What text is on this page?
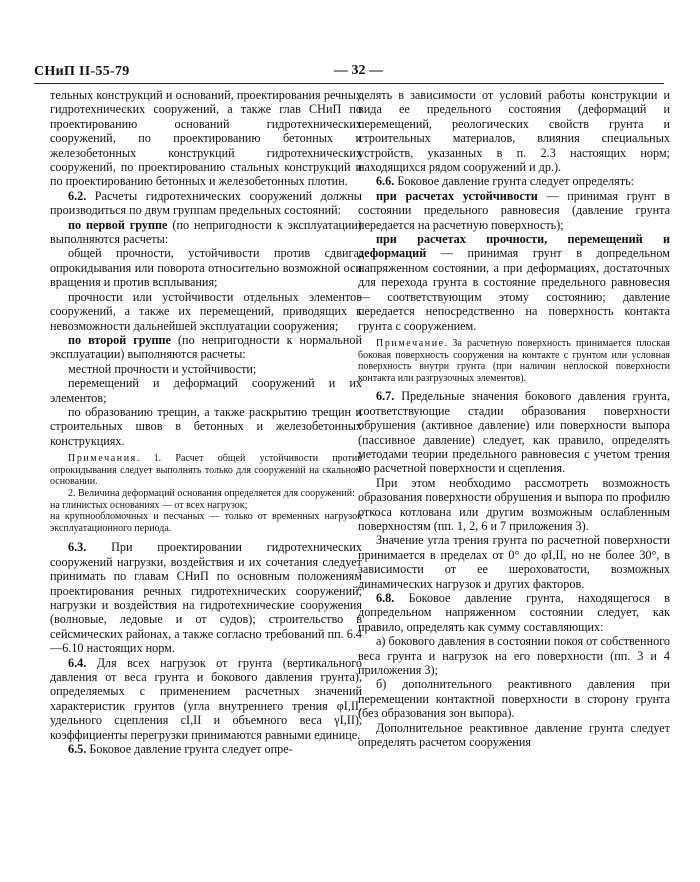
СНиП II-55-79	— 32 —

тельных конструкций и оснований, проектирования речных гидротехнических сооружений, а также глав СНиП по проектированию оснований гидротехнических сооружений, по проектированию бетонных и железобетонных конструкций гидротехнических сооружений, по проектированию стальных конструкций и по проектированию бетонных и железобетонных плотин.

6.2. Расчеты гидротехнических сооружений должны производиться по двум группам предельных состояний:

по первой группе (по непригодности к эксплуатации) выполняются расчеты:

общей прочности, устойчивости против сдвига, опрокидывания или поворота относительно возможной оси вращения и против всплывания;

прочности или устойчивости отдельных элементов сооружений, а также их перемещений, приводящих к невозможности дальнейшей эксплуатации сооружения;

по второй группе (по непригодности к нормальной эксплуатации) выполняются расчеты:

местной прочности и устойчивости;

перемещений и деформаций сооружений и их элементов;

по образованию трещин, а также раскрытию трещин и строительных швов в бетонных и железобетонных конструкциях.

Примечания. 1. Расчет общей устойчивости против опрокидывания следует выполнять только для сооружений на скальном основании.

2. Величина деформаций основания определяется для сооружений:

на глинистых основаниях — от всех нагрузок;

на крупнообломочных и песчаных — только от временных нагрузок эксплуатационного периода.

6.3. При проектировании гидротехнических сооружений нагрузки, воздействия и их сочетания следует принимать по главам СНиП по основным положениям проектирования речных гидротехнических сооружений; нагрузки и воздействия на гидротехнические сооружения (волновые, ледовые и от судов); строительство в сейсмических районах, а также согласно требований пп. 6.4—6.10 настоящих норм.

6.4. Для всех нагрузок от грунта (вертикального давления от веса грунта и бокового давления грунта), определяемых с применением расчетных значений характеристик грунтов (угла внутреннего трения φI,II, удельного сцепления cI,II и объемного веса γI,II), коэффициенты перегрузки принимаются равными единице.

6.5. Боковое давление грунта следует опре-

делять в зависимости от условий работы конструкции и вида ее предельного состояния (деформаций и перемещений, реологических свойств грунта и строительных материалов, влияния специальных устройств, указанных в п. 2.3 настоящих норм; находящихся рядом сооружений и др.).

6.6. Боковое давление грунта следует определять:

при расчетах устойчивости — принимая грунт в состоянии предельного равновесия (давление грунта передается на расчетную поверхность);

при расчетах прочности, перемещений и деформаций — принимая грунт в допредельном напряженном состоянии, а при деформациях, достаточных для перехода грунта в состояние предельного равновесия — соответствующим этому состоянию; давление передается непосредственно на поверхность контакта грунта с сооружением.

Примечание. За расчетную поверхность принимается плоская боковая поверхность сооружения на контакте с грунтом или условная поверхность внутри грунта (при наличии неплоской поверхности контакта или разгрузочных элементов).

6.7. Предельные значения бокового давления грунта, соответствующие стадии образования поверхности обрушения (активное давление) или поверхности выпора (пассивное давление) следует, как правило, определять методами теории предельного равновесия с учетом трения по расчетной поверхности и сцепления.

При этом необходимо рассмотреть возможность образования поверхности обрушения и выпора по профилю откоса котлована или другим возможным ослабленным поверхностям (пп. 1, 2, 6 и 7 приложения 3).

Значение угла трения грунта по расчетной поверхности принимается в пределах от 0° до φI,II, но не более 30°, в зависимости от ее шероховатости, возможных динамических нагрузок и других факторов.

6.8. Боковое давление грунта, находящегося в допредельном напряженном состоянии следует, как правило, определять как сумму составляющих:

а) бокового давления в состоянии покоя от собственного веса грунта и нагрузок на его поверхности (пп. 3 и 4 приложения 3);

б) дополнительного реактивного давления при перемещении контактной поверхности в сторону грунта (без образования зон выпора).

Дополнительное реактивное давление грунта следует определять расчетом сооружения
